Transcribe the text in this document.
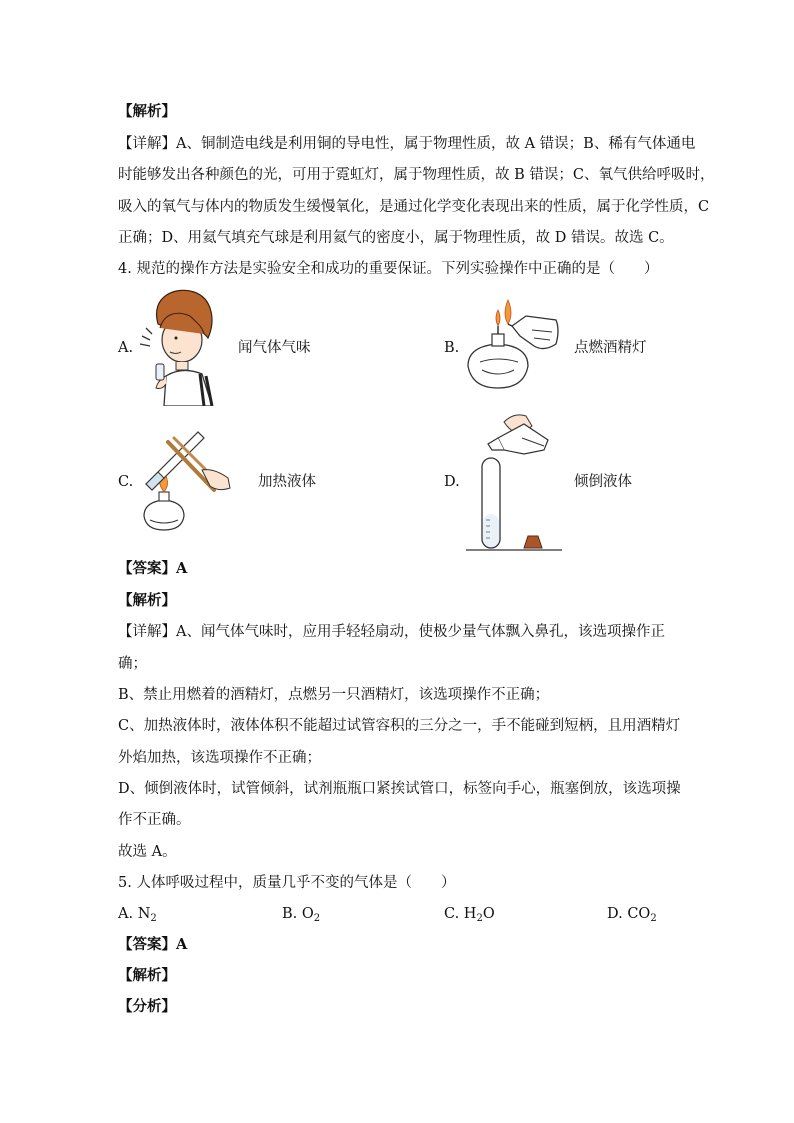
【解析】
【详解】A、铜制造电线是利用铜的导电性，属于物理性质，故 A 错误；B、稀有气体通电
时能够发出各种颜色的光，可用于霓虹灯，属于物理性质，故 B 错误；C、氧气供给呼吸时，
吸入的氧气与体内的物质发生缓慢氧化，是通过化学变化表现出来的性质，属于化学性质，C
正确；D、用氦气填充气球是利用氦气的密度小，属于物理性质，故 D 错误。故选 C。
4. 规范的操作方法是实验安全和成功的重要保证。下列实验操作中正确的是（　　）
A.	闻气体气味	B.	点燃酒精灯
C.	加热液体	D.	倾倒液体
【答案】A
【解析】
【详解】A、闻气体气味时，应用手轻轻扇动，使极少量气体飘入鼻孔，该选项操作正
确；
B、禁止用燃着的酒精灯，点燃另一只酒精灯，该选项操作不正确；
C、加热液体时，液体体积不能超过试管容积的三分之一，手不能碰到短柄，且用酒精灯
外焰加热，该选项操作不正确；
D、倾倒液体时，试管倾斜，试剂瓶瓶口紧挨试管口，标签向手心，瓶塞倒放，该选项操
作不正确。
故选 A。
5. 人体呼吸过程中，质量几乎不变的气体是（　　）
A. $N_2$	B. $O_2$	C. $H_2O$	D. $CO_2$
【答案】A
【解析】
【分析】
